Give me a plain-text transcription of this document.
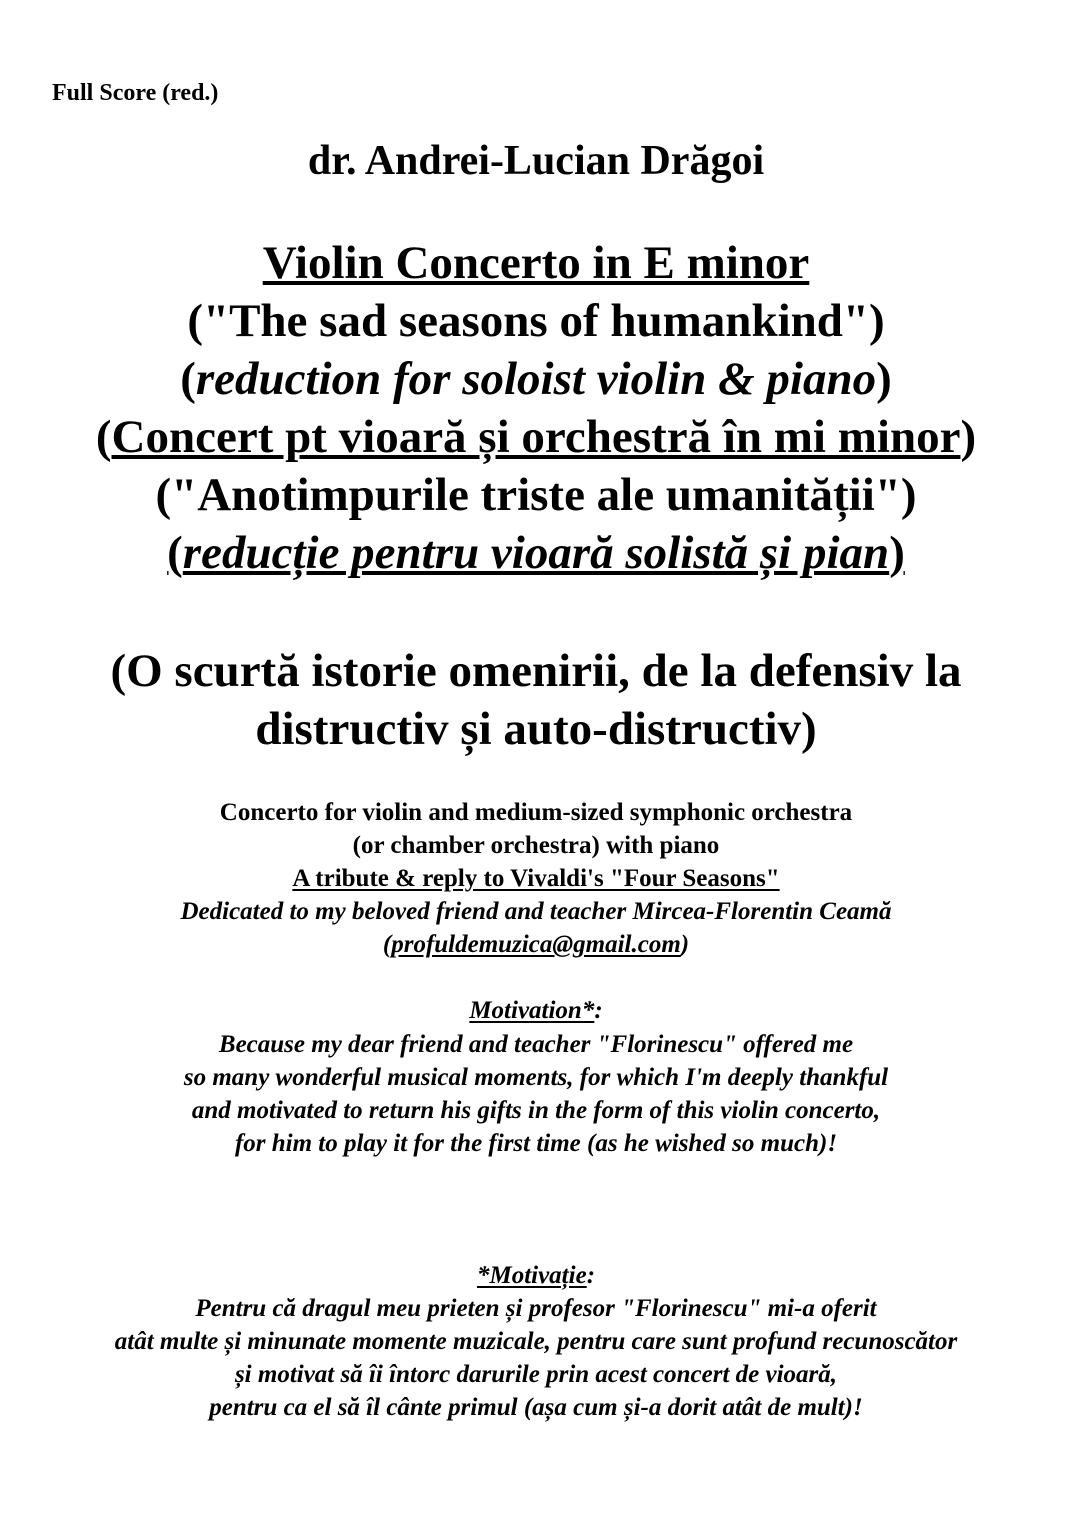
Full Score (red.)
dr. Andrei-Lucian Drăgoi
Violin Concerto in E minor
("The sad seasons of humankind")
(reduction for soloist violin & piano)
(Concert pt vioară și orchestră în mi minor)
("Anotimpurile triste ale umanității")
(reducție pentru vioară solistă și pian)
(O scurtă istorie omenirii, de la defensiv la
distructiv și auto-distructiv)
Concerto for violin and medium-sized symphonic orchestra
(or chamber orchestra) with piano
A tribute & reply to Vivaldi's "Four Seasons"
Dedicated to my beloved friend and teacher Mircea-Florentin Ceamă
(profuldemuzica@gmail.com)
Motivation*:
Because my dear friend and teacher "Florinescu" offered me
so many wonderful musical moments, for which I'm deeply thankful
and motivated to return his gifts in the form of this violin concerto,
for him to play it for the first time (as he wished so much)!
*Motivație:
Pentru că dragul meu prieten și profesor "Florinescu" mi-a oferit
atât multe și minunate momente muzicale, pentru care sunt profund recunoscător
și motivat să îi întorc darurile prin acest concert de vioară,
pentru ca el să îl cânte primul (așa cum și-a dorit atât de mult)!
